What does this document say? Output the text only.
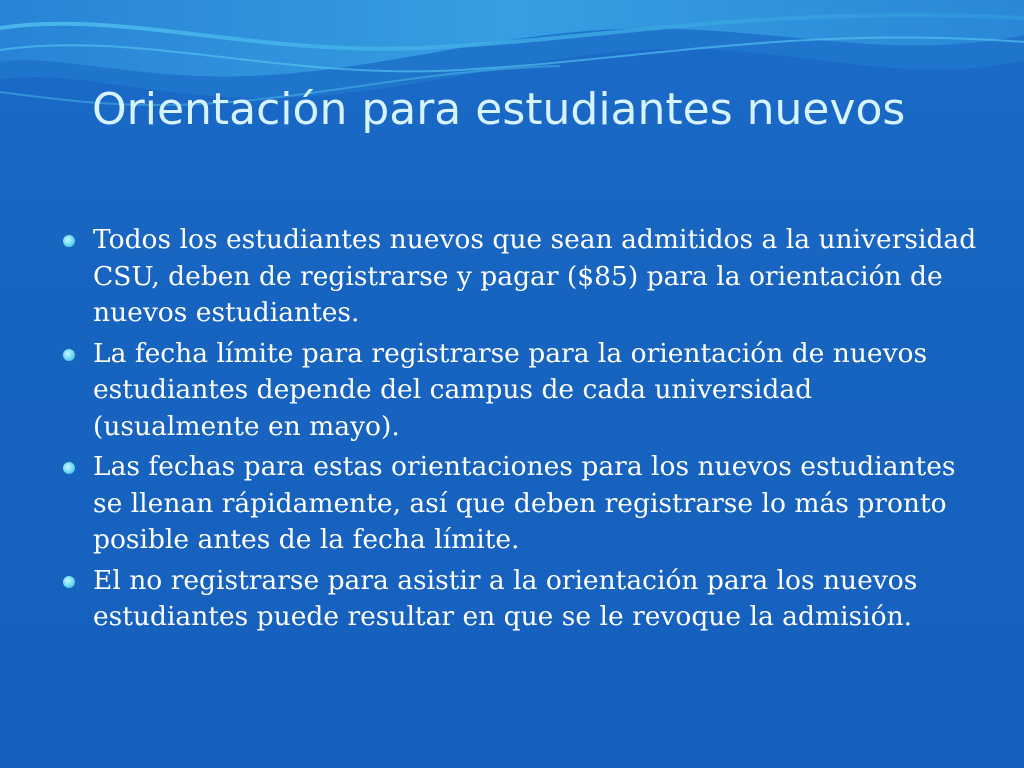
Orientación para estudiantes nuevos
Todos los estudiantes nuevos que sean admitidos a la universidad CSU, deben de registrarse y pagar ($85) para la orientación de nuevos estudiantes.
La fecha límite para registrarse para la orientación de nuevos estudiantes depende del campus de cada universidad (usualmente en mayo).
Las fechas para estas orientaciones para los nuevos estudiantes se llenan rápidamente, así que deben registrarse lo más pronto posible antes de la fecha límite.
El no registrarse para asistir a la orientación para los nuevos estudiantes puede resultar en que se le revoque la admisión.
